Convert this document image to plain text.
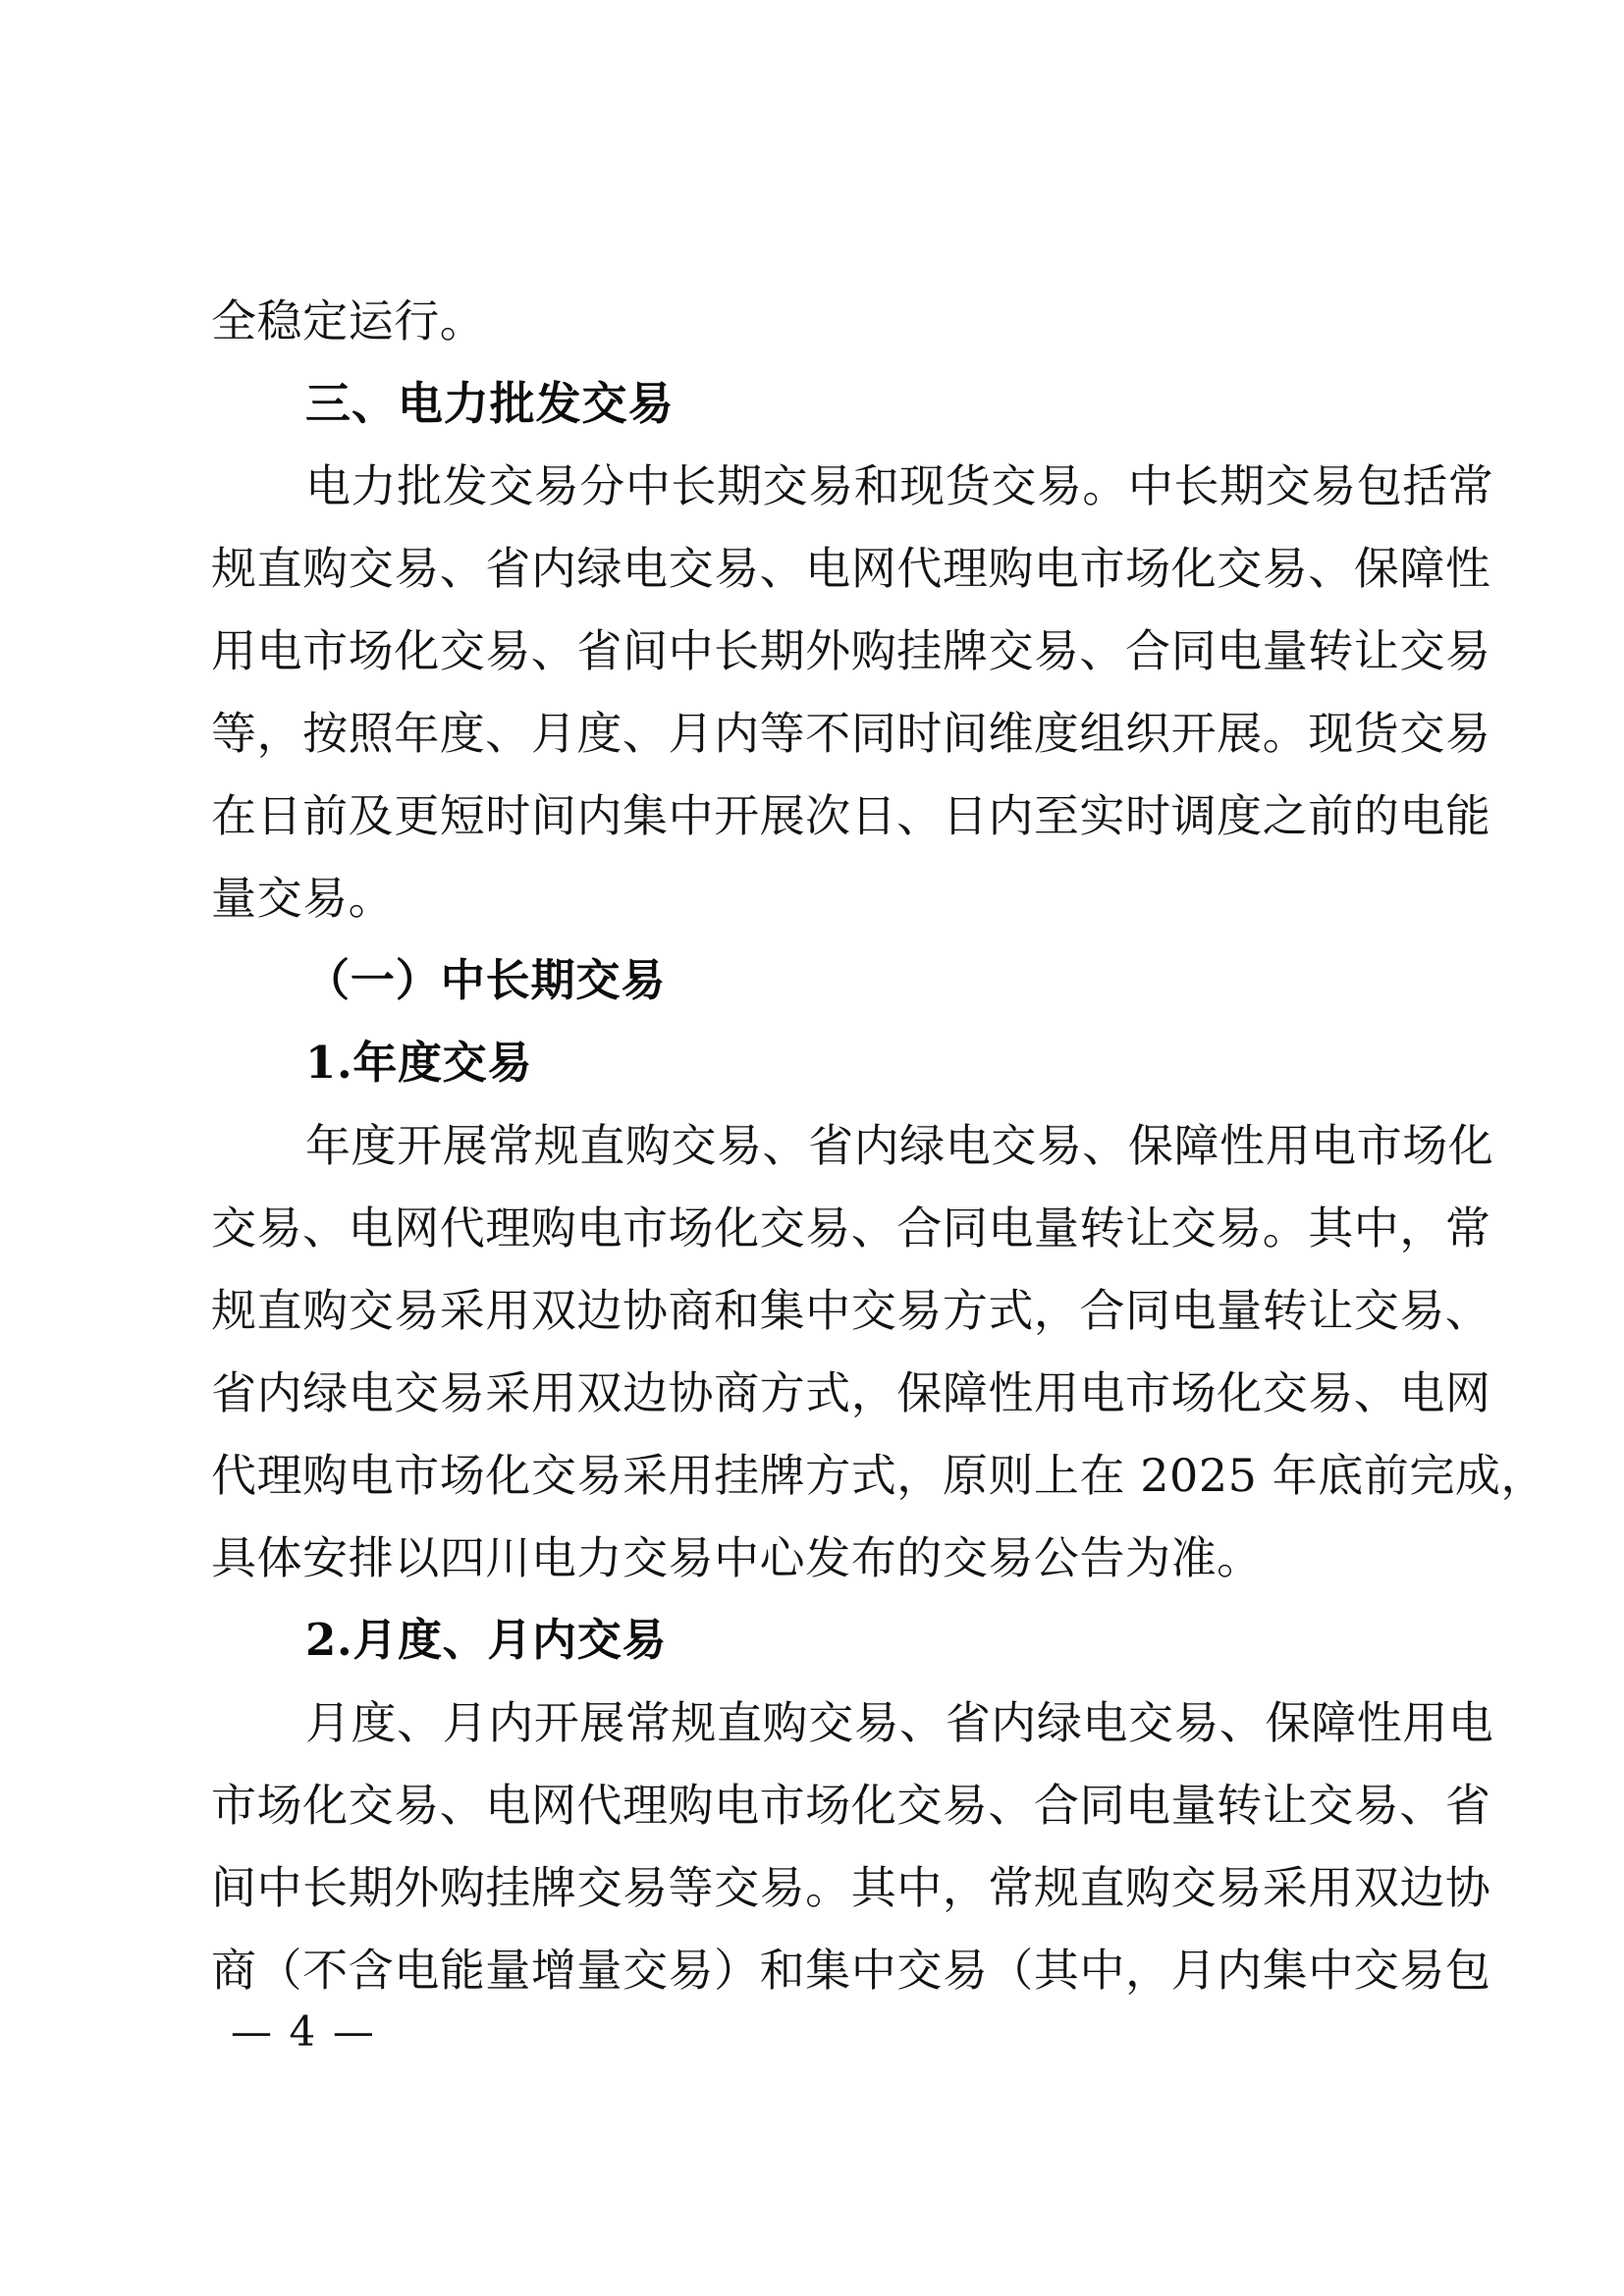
全稳定运行。
三、电力批发交易
电力批发交易分中长期交易和现货交易。中长期交易包括常
规直购交易、省内绿电交易、电网代理购电市场化交易、保障性
用电市场化交易、省间中长期外购挂牌交易、合同电量转让交易
等，按照年度、月度、月内等不同时间维度组织开展。现货交易
在日前及更短时间内集中开展次日、日内至实时调度之前的电能
量交易。
（一）中长期交易
1.年度交易
年度开展常规直购交易、省内绿电交易、保障性用电市场化
交易、电网代理购电市场化交易、合同电量转让交易。其中，常
规直购交易采用双边协商和集中交易方式，合同电量转让交易、
省内绿电交易采用双边协商方式，保障性用电市场化交易、电网
代理购电市场化交易采用挂牌方式，原则上在 2025 年底前完成，
具体安排以四川电力交易中心发布的交易公告为准。
2.月度、月内交易
月度、月内开展常规直购交易、省内绿电交易、保障性用电
市场化交易、电网代理购电市场化交易、合同电量转让交易、省
间中长期外购挂牌交易等交易。其中，常规直购交易采用双边协
商（不含电能量增量交易）和集中交易（其中，月内集中交易包
— 4 —
